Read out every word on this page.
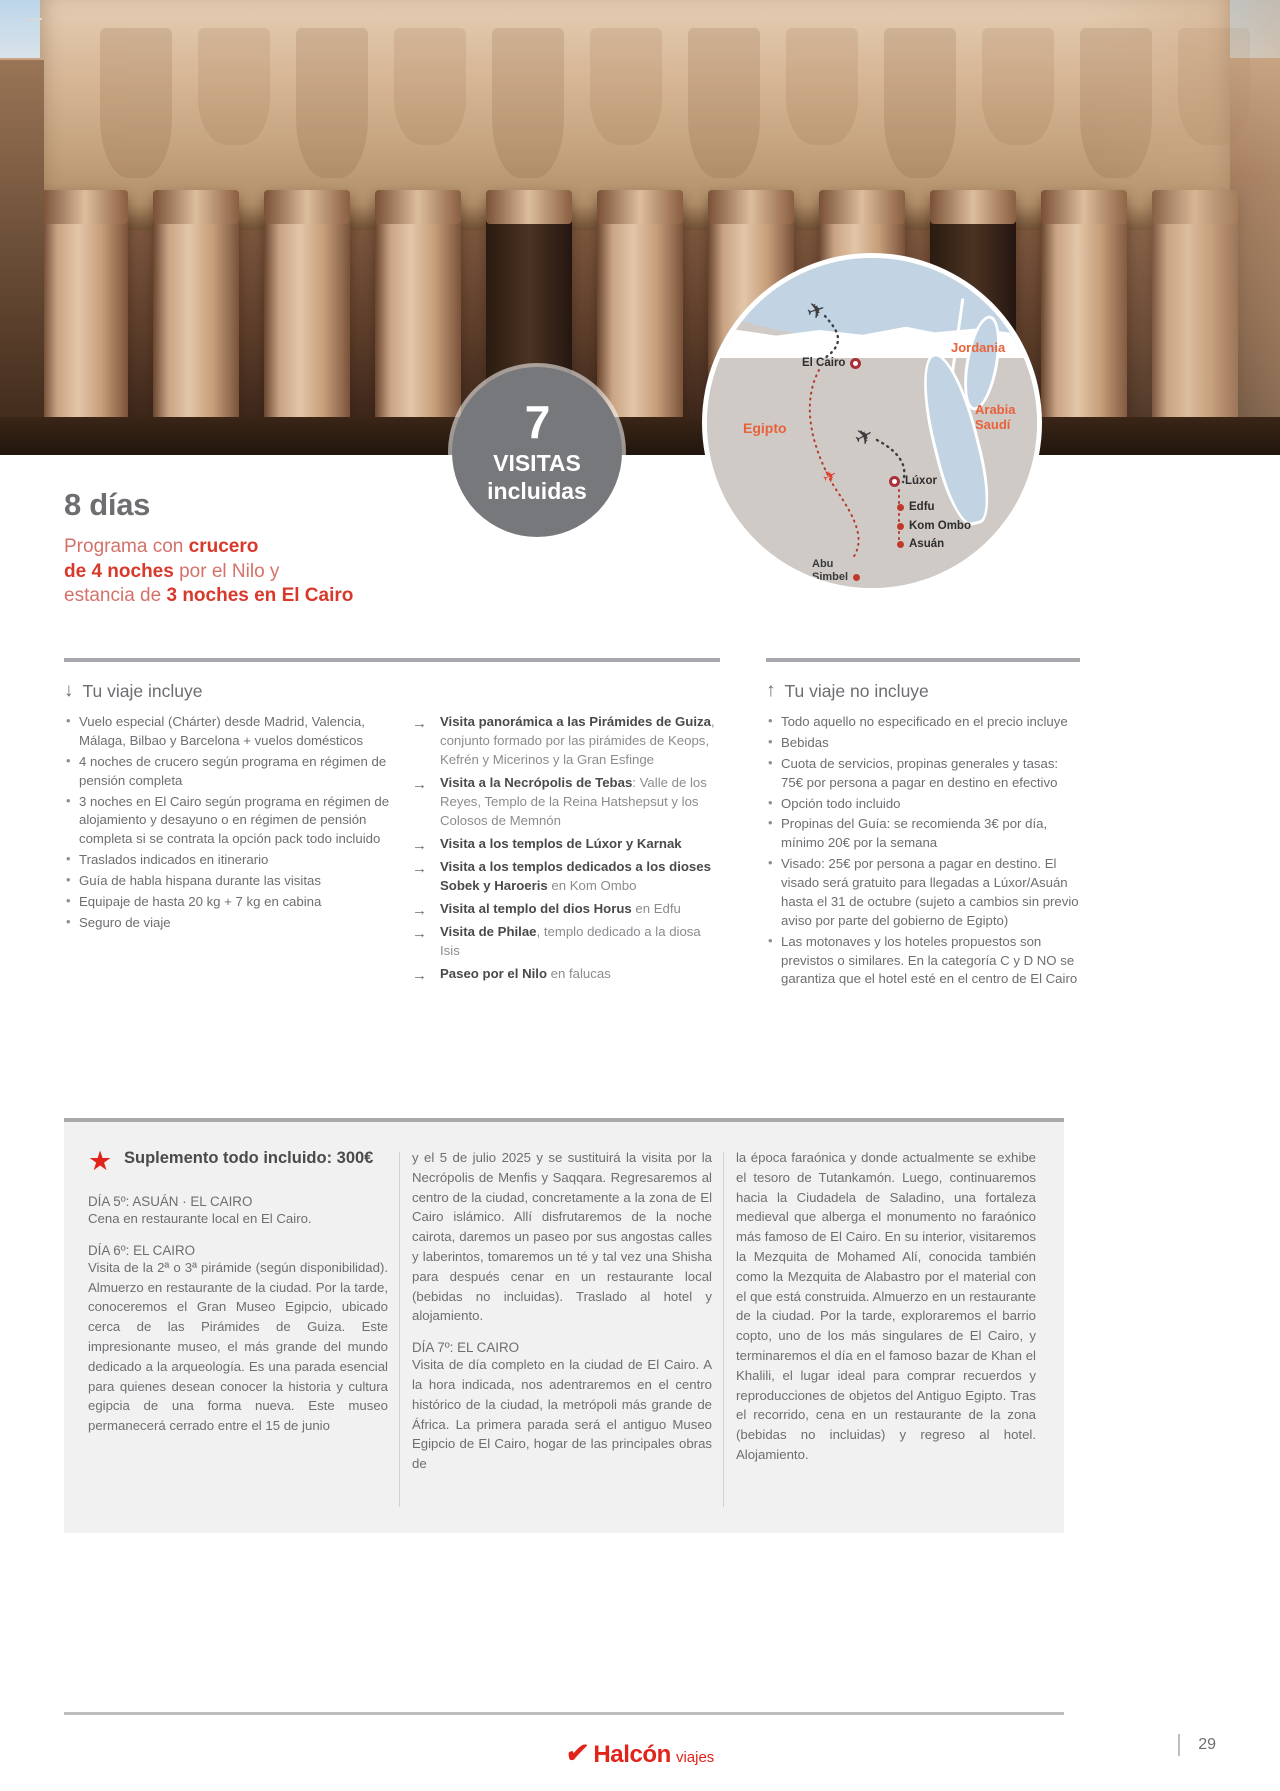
7
VISITAS
incluidas
✈
✈
✈
Jordania
Arabia
Saudí
Egipto
El Cairo
Lúxor
Edfu
Kom Ombo
Asuán
Abu
Simbel
8 días
Programa con crucero
de 4 noches por el Nilo y
estancia de 3 noches en El Cairo
↓ Tu viaje incluye
• Vuelo especial (Chárter) desde Madrid, Valencia, Málaga, Bilbao y Barcelona + vuelos domésticos
• 4 noches de crucero según programa en régimen de pensión completa
• 3 noches en El Cairo según programa en régimen de alojamiento y desayuno o en régimen de pensión completa si se contrata la opción pack todo incluido
• Traslados indicados en itinerario
• Guía de habla hispana durante las visitas
• Equipaje de hasta 20 kg + 7 kg en cabina
• Seguro de viaje
→ Visita panorámica a las Pirámides de Guiza, conjunto formado por las pirámides de Keops, Kefrén y Micerinos y la Gran Esfinge
→ Visita a la Necrópolis de Tebas: Valle de los Reyes, Templo de la Reina Hatshepsut y los Colosos de Memnón
→ Visita a los templos de Lúxor y Karnak
→ Visita a los templos dedicados a los dioses Sobek y Haroeris en Kom Ombo
→ Visita al templo del dios Horus en Edfu
→ Visita de Philae, templo dedicado a la diosa Isis
→ Paseo por el Nilo en falucas
↑ Tu viaje no incluye
• Todo aquello no especificado en el precio incluye
• Bebidas
• Cuota de servicios, propinas generales y tasas: 75€ por persona a pagar en destino en efectivo
• Opción todo incluido
• Propinas del Guía: se recomienda 3€ por día, mínimo 20€ por la semana
• Visado: 25€ por persona a pagar en destino. El visado será gratuito para llegadas a Lúxor/Asuán hasta el 31 de octubre (sujeto a cambios sin previo aviso por parte del gobierno de Egipto)
• Las motonaves y los hoteles propuestos son previstos o similares. En la categoría C y D NO se garantiza que el hotel esté en el centro de El Cairo
★ Suplemento todo incluido: 300€
DÍA 5º: ASUÁN · EL CAIRO
Cena en restaurante local en El Cairo.
DÍA 6º: EL CAIRO
Visita de la 2ª o 3ª pirámide (según disponibilidad). Almuerzo en restaurante de la ciudad. Por la tarde, conoceremos el Gran Museo Egipcio, ubicado cerca de las Pirámides de Guiza. Este impresionante museo, el más grande del mundo dedicado a la arqueología. Es una parada esencial para quienes desean conocer la historia y cultura egipcia de una forma nueva. Este museo permanecerá cerrado entre el 15 de junio

y el 5 de julio 2025 y se sustituirá la visita por la Necrópolis de Menfis y Saqqara. Regresaremos al centro de la ciudad, concretamente a la zona de El Cairo islámico. Allí disfrutaremos de la noche cairota, daremos un paseo por sus angostas calles y laberintos, tomaremos un té y tal vez una Shisha para después cenar en un restaurante local (bebidas no incluidas). Traslado al hotel y alojamiento.

DÍA 7º: EL CAIRO
Visita de día completo en la ciudad de El Cairo. A la hora indicada, nos adentraremos en el centro histórico de la ciudad, la metrópoli más grande de África. La primera parada será el antiguo Museo Egipcio de El Cairo, hogar de las principales obras de

la época faraónica y donde actualmente se exhibe el tesoro de Tutankamón. Luego, continuaremos hacia la Ciudadela de Saladino, una fortaleza medieval que alberga el monumento no faraónico más famoso de El Cairo. En su interior, visitaremos la Mezquita de Mohamed Alí, conocida también como la Mezquita de Alabastro por el material con el que está construida. Almuerzo en un restaurante de la ciudad. Por la tarde, exploraremos el barrio copto, uno de los más singulares de El Cairo, y terminaremos el día en el famoso bazar de Khan el Khalili, el lugar ideal para comprar recuerdos y reproducciones de objetos del Antiguo Egipto. Tras el recorrido, cena en un restaurante de la zona (bebidas no incluidas) y regreso al hotel. Alojamiento.

✔ Halcón viajes
29
